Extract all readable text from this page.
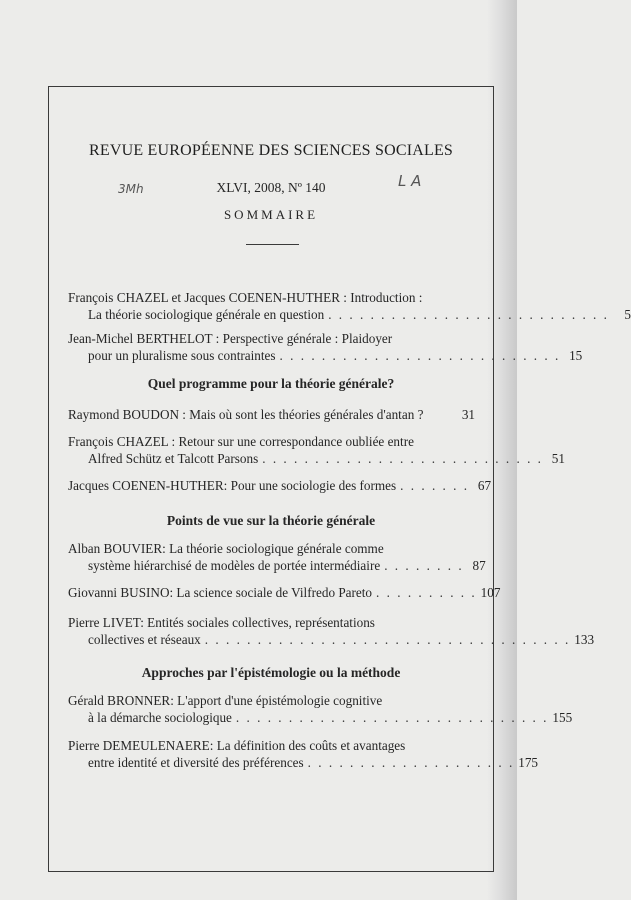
REVUE EUROPÉENNE DES SCIENCES SOCIALES
3Mh	XLVI, 2008, Nº 140	L A
SOMMAIRE
François CHAZEL et Jacques COENEN-HUTHER : Introduction :
La théorie sociologique générale en question . . . . . . . . . . . . . . . . . . . . . . . . . . .	5
Jean-Michel BERTHELOT : Perspective générale : Plaidoyer
pour un pluralisme sous contraintes . . . . . . . . . . . . . . . . . . . . . . . . . . . 15
Quel programme pour la théorie générale?
Raymond BOUDON : Mais où sont les théories générales d'antan ?	31
François CHAZEL : Retour sur une correspondance oubliée entre
Alfred Schütz et Talcott Parsons . . . . . . . . . . . . . . . . . . . . . . . . . . . 51
Jacques COENEN-HUTHER: Pour une sociologie des formes . . . . . . . 67
Points de vue sur la théorie générale
Alban BOUVIER: La théorie sociologique générale comme
système hiérarchisé de modèles de portée intermédiaire . . . . . . . . 87
Giovanni BUSINO: La science sociale de Vilfredo Pareto . . . . . . . . . . 107
Pierre LIVET: Entités sociales collectives, représentations
collectives et réseaux . . . . . . . . . . . . . . . . . . . . . . . . . . . . . . . . . . . 133
Approches par l'épistémologie ou la méthode
Gérald BRONNER: L'apport d'une épistémologie cognitive
à la démarche sociologique . . . . . . . . . . . . . . . . . . . . . . . . . . . . . . 155
Pierre DEMEULENAERE: La définition des coûts et avantages
entre identité et diversité des préférences . . . . . . . . . . . . . . . . . . . . 175
